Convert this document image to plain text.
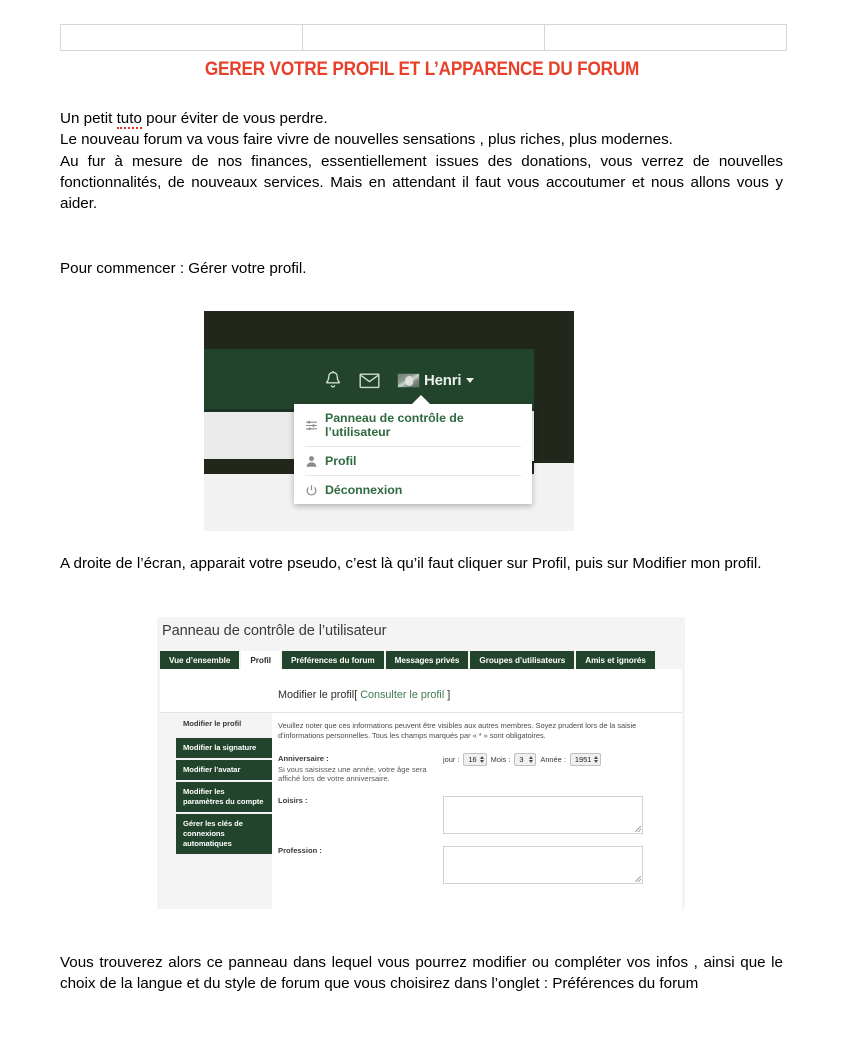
GERER VOTRE PROFIL ET L’APPARENCE DU FORUM
Un petit tuto pour éviter de vous perdre.
Le nouveau forum va vous faire vivre de nouvelles sensations , plus riches, plus modernes.
Au fur à mesure de nos finances, essentiellement issues des donations, vous verrez de nouvelles fonctionnalités, de nouveaux services. Mais en attendant il faut vous accoutumer et nous allons vous y aider.
Pour commencer : Gérer votre profil.
Henri
Panneau de contrôle de l’utilisateur
Profil
Déconnexion
A droite de l’écran, apparait votre pseudo, c’est là qu’il faut cliquer sur Profil, puis sur Modifier mon profil.
Panneau de contrôle de l’utilisateur
Vue d’ensemble	Profil	Préférences du forum	Messages privés	Groupes d’utilisateurs	Amis et ignorés
Modifier le profil[ Consulter le profil ]
Modifier le profil
Modifier la signature
Modifier l’avatar
Modifier les paramètres du compte
Gérer les clés de connexions automatiques
Veuillez noter que ces informations peuvent être visibles aux autres membres. Soyez prudent lors de la saisie d’informations personnelles. Tous les champs marqués par « * » sont obligatoires.
Anniversaire :
Si vous saisissez une année, votre âge sera affiché lors de votre anniversaire.
jour : 16 Mois : 3 Année : 1951
Loisirs :
Profession :
Vous trouverez alors ce panneau dans lequel vous pourrez modifier ou compléter vos infos , ainsi que le choix de la langue et du style de forum que vous choisirez dans l’onglet : Préférences du forum
